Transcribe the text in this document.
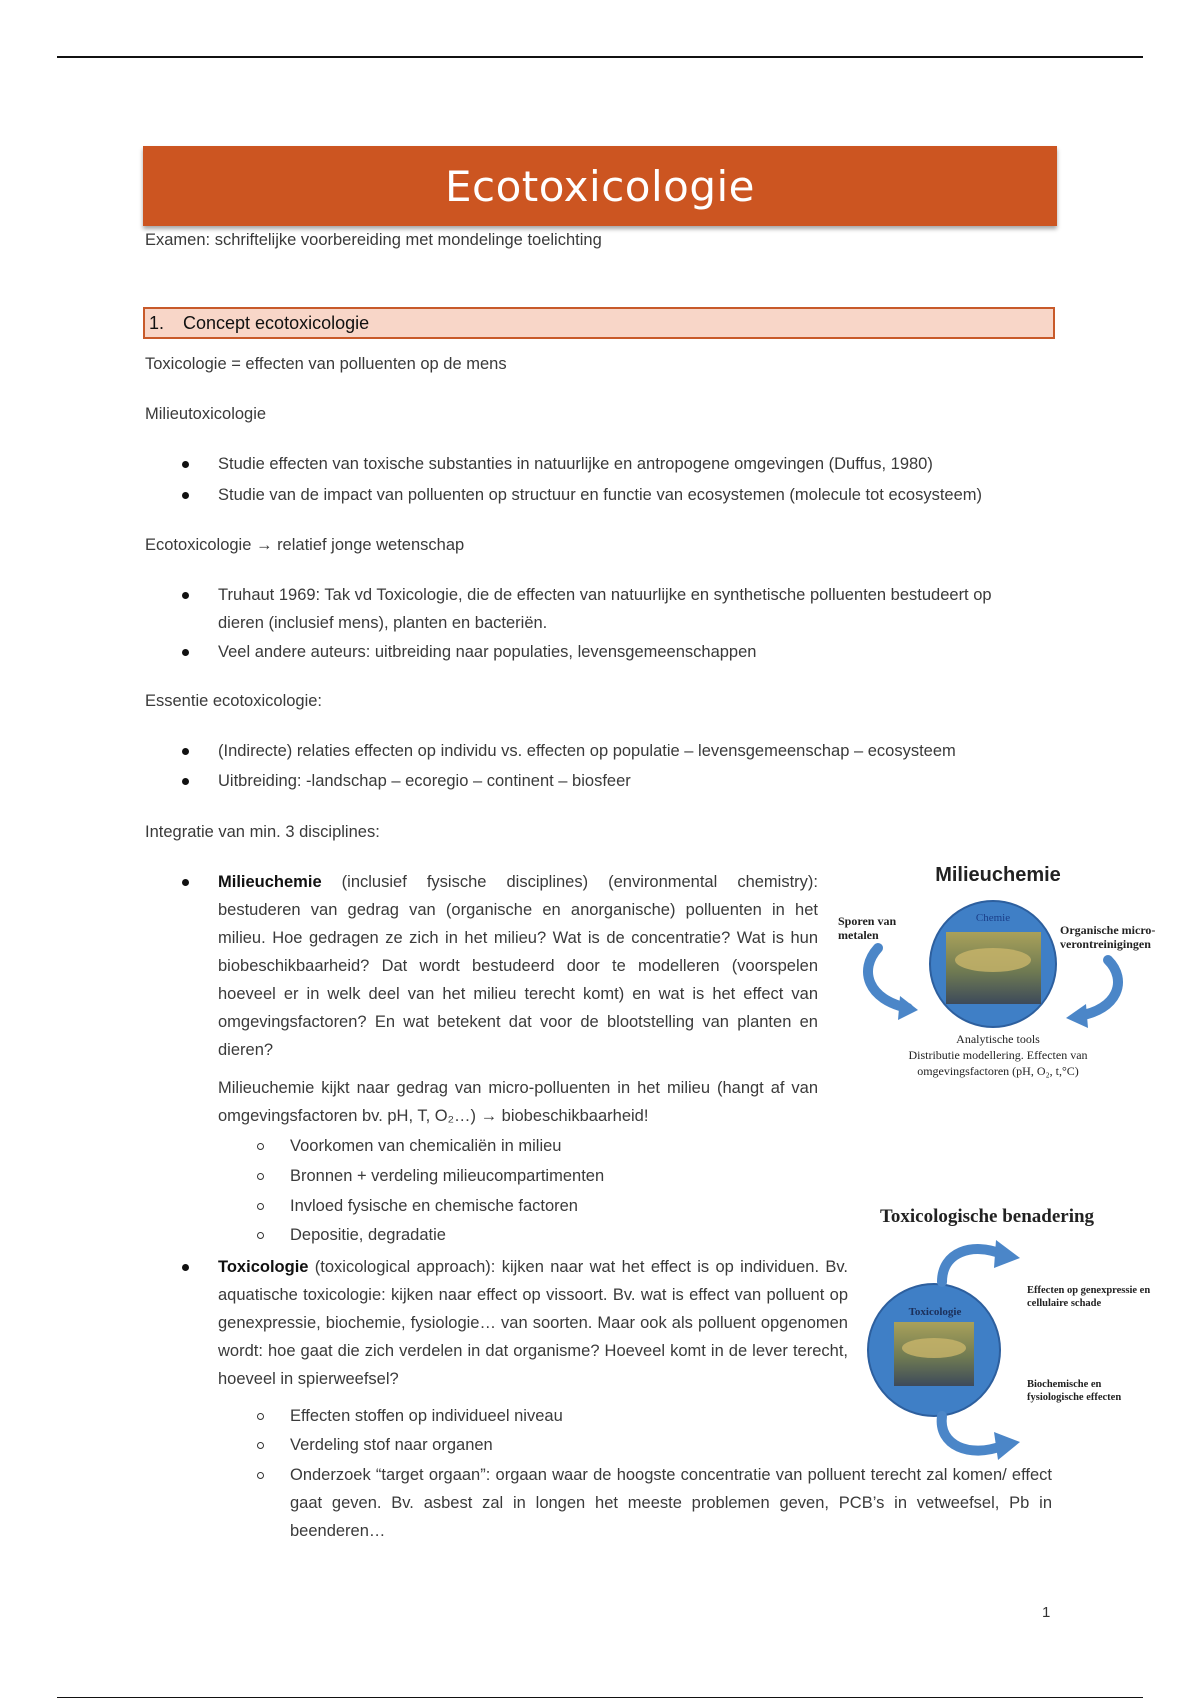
Ecotoxicologie
Examen: schriftelijke voorbereiding met mondelinge toelichting
1. Concept ecotoxicologie
Toxicologie = effecten van polluenten op de mens
Milieutoxicologie
Studie effecten van toxische substanties in natuurlijke en antropogene omgevingen (Duffus, 1980)
Studie van de impact van polluenten op structuur en functie van ecosystemen (molecule tot ecosysteem)
Ecotoxicologie → relatief jonge wetenschap
Truhaut 1969: Tak vd Toxicologie, die de effecten van natuurlijke en synthetische polluenten bestudeert op dieren (inclusief mens), planten en bacteriën.
Veel andere auteurs: uitbreiding naar populaties, levensgemeenschappen
Essentie ecotoxicologie:
(Indirecte) relaties effecten op individu vs. effecten op populatie – levensgemeenschap – ecosysteem
Uitbreiding: -landschap – ecoregio – continent – biosfeer
Integratie van min. 3 disciplines:
Milieuchemie (inclusief fysische disciplines) (environmental chemistry): bestuderen van gedrag van (organische en anorganische) polluenten in het milieu. Hoe gedragen ze zich in het milieu? Wat is de concentratie? Wat is hun biobeschikbaarheid? Dat wordt bestudeerd door te modelleren (voorspelen hoeveel er in welk deel van het milieu terecht komt) en wat is het effect van omgevingsfactoren? En wat betekent dat voor de blootstelling van planten en dieren?
Milieuchemie kijkt naar gedrag van micro-polluenten in het milieu (hangt af van omgevingsfactoren bv. pH, T, O₂…) → biobeschikbaarheid!
Voorkomen van chemicaliën in milieu
Bronnen + verdeling milieucompartimenten
Invloed fysische en chemische factoren
Depositie, degradatie
Toxicologie (toxicological approach): kijken naar wat het effect is op individuen. Bv. aquatische toxicologie: kijken naar effect op vissoort. Bv. wat is effect van polluent op genexpressie, biochemie, fysiologie… van soorten. Maar ook als polluent opgenomen wordt: hoe gaat die zich verdelen in dat organisme? Hoeveel komt in de lever terecht, hoeveel in spierweefsel?
Effecten stoffen op individueel niveau
Verdeling stof naar organen
Onderzoek “target orgaan”: orgaan waar de hoogste concentratie van polluent terecht zal komen/ effect gaat geven. Bv. asbest zal in longen het meeste problemen geven, PCB’s in vetweefsel, Pb in beenderen…
Milieuchemie
Chemie
Sporen van metalen	Organische micro-verontreinigingen
Analytische tools
Distributie modellering. Effecten van
omgevingsfactoren (pH, O₂, t,°C)
Toxicologische benadering
Toxicologie
Effecten op genexpressie en cellulaire schade
Biochemische en fysiologische effecten
1
